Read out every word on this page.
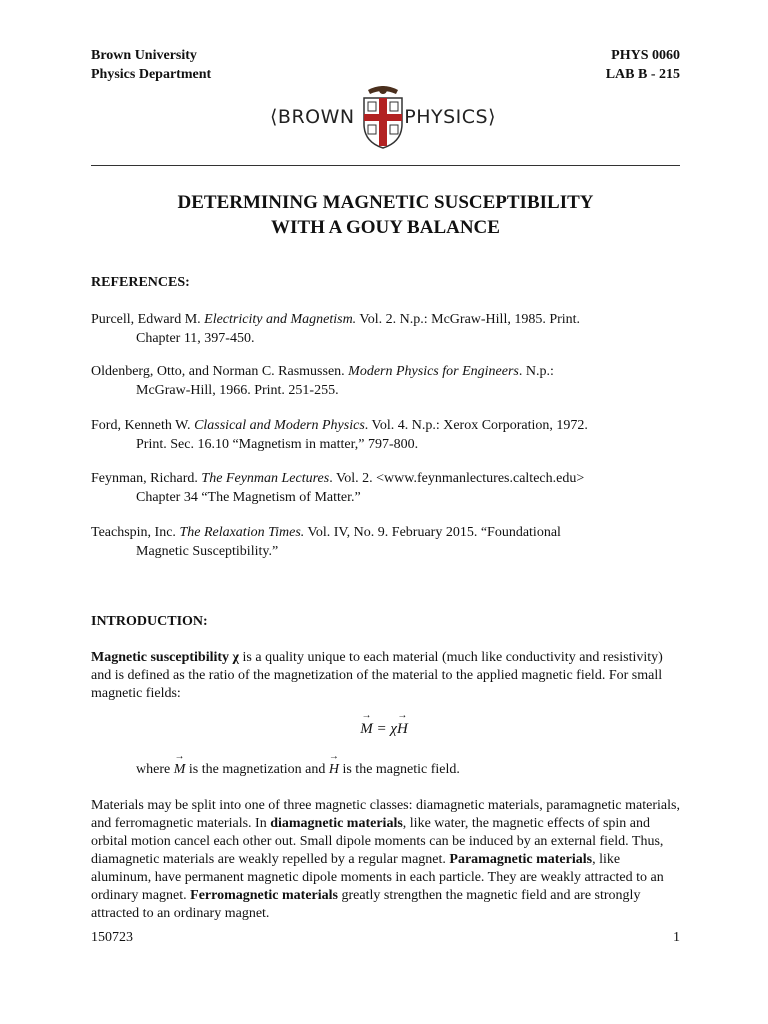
Brown University
Physics Department
PHYS 0060
LAB B - 215
⟨BROWN	PHYSICS⟩
DETERMINING MAGNETIC SUSCEPTIBILITY
WITH A GOUY BALANCE
REFERENCES:
Purcell, Edward M. Electricity and Magnetism. Vol. 2. N.p.: McGraw-Hill, 1985. Print.
Chapter 11, 397-450.
Oldenberg, Otto, and Norman C. Rasmussen. Modern Physics for Engineers. N.p.:
McGraw-Hill, 1966. Print. 251-255.
Ford, Kenneth W. Classical and Modern Physics. Vol. 4. N.p.: Xerox Corporation, 1972.
Print. Sec. 16.10 “Magnetism in matter,” 797-800.
Feynman, Richard. The Feynman Lectures. Vol. 2. <www.feynmanlectures.caltech.edu>
Chapter 34 “The Magnetism of Matter.”
Teachspin, Inc. The Relaxation Times. Vol. IV, No. 9. February 2015. “Foundational
Magnetic Susceptibility.”
INTRODUCTION:
Magnetic susceptibility χ is a quality unique to each material (much like conductivity and resistivity) and is defined as the ratio of the magnetization of the material to the applied magnetic field. For small magnetic fields:
→ M = χ→ H
where → M is the magnetization and → H is the magnetic field.
Materials may be split into one of three magnetic classes: diamagnetic materials, paramagnetic materials, and ferromagnetic materials. In diamagnetic materials, like water, the magnetic effects of spin and orbital motion cancel each other out. Small dipole moments can be induced by an external field. Thus, diamagnetic materials are weakly repelled by a regular magnet. Paramagnetic materials, like aluminum, have permanent magnetic dipole moments in each particle. They are weakly attracted to an ordinary magnet. Ferromagnetic materials greatly strengthen the magnetic field and are strongly attracted to an ordinary magnet.
150723	1
